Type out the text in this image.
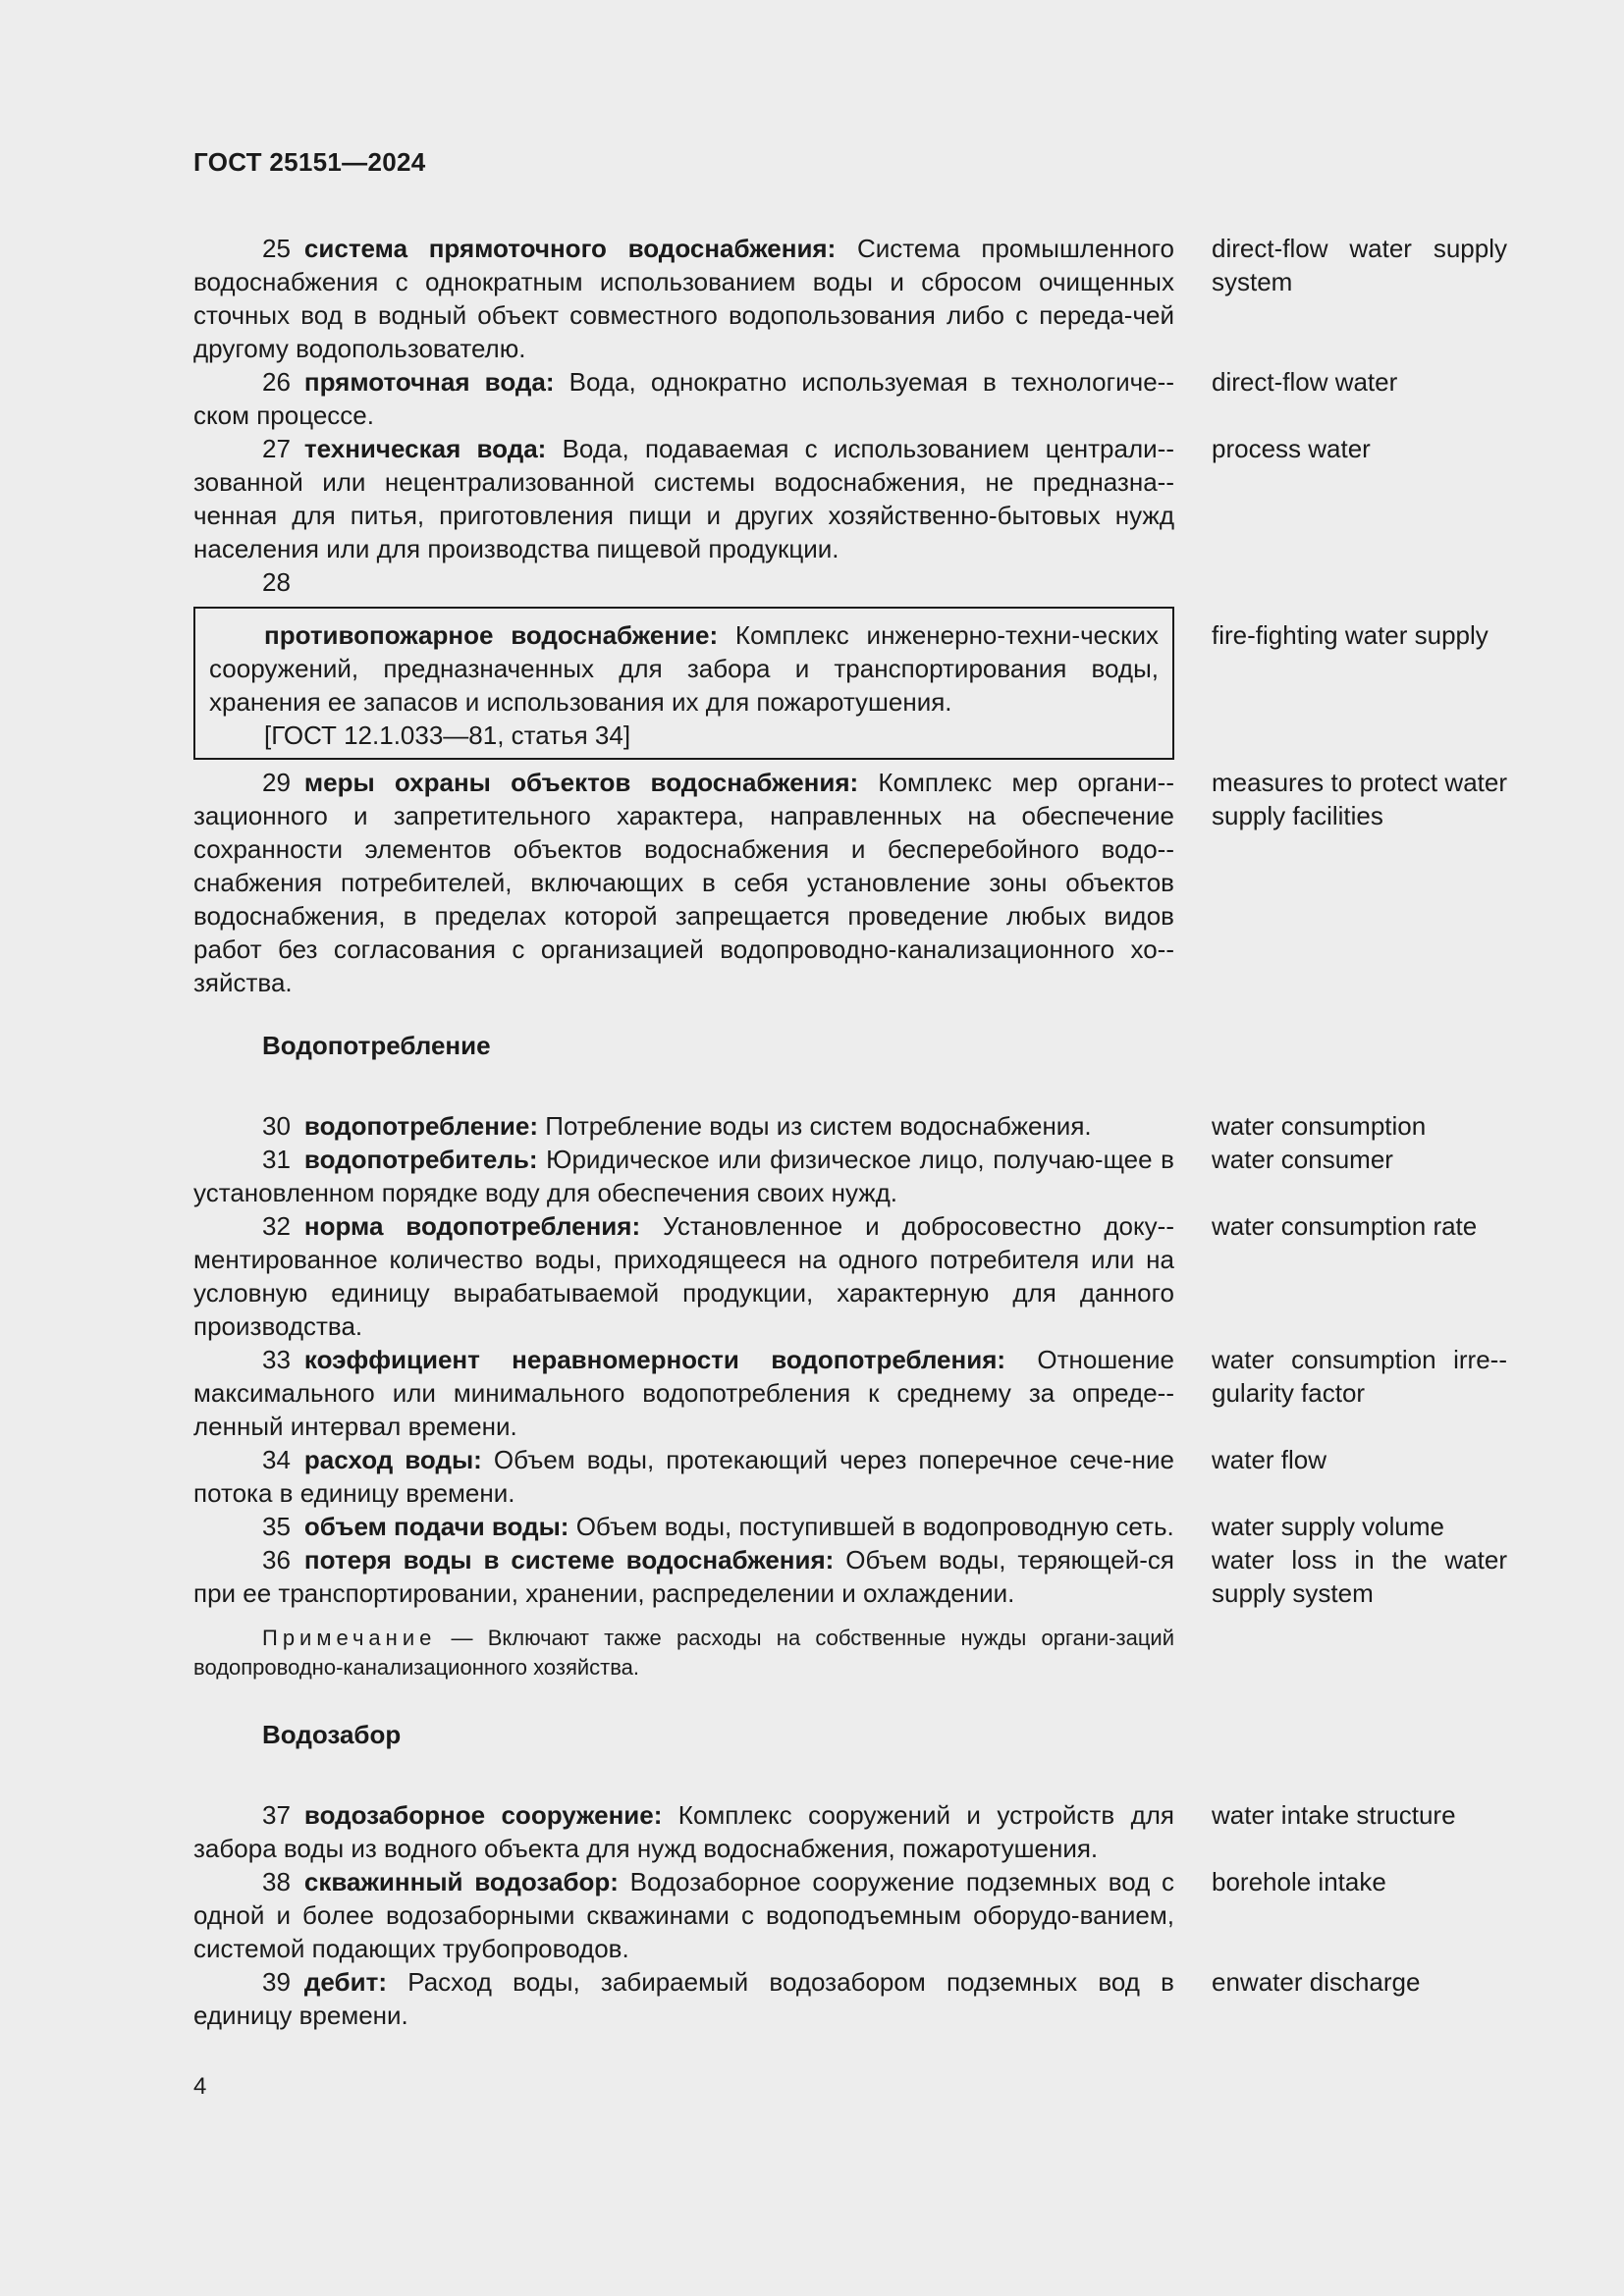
ГОСТ 25151—2024
25 система прямоточного водоснабжения: Система промышленного водоснабжения с однократным использованием воды и сбросом очищенных сточных вод в водный объект совместного водопользования либо с переда-чей другому водопользователю.
direct-flow water supply system
26 прямоточная вода: Вода, однократно используемая в технологиче-ском процессе.
direct-flow water
27 техническая вода: Вода, подаваемая с использованием централи-зованной или нецентрализованной системы водоснабжения, не предназна-ченная для питья, приготовления пищи и других хозяйственно-бытовых нужд населения или для производства пищевой продукции.
process water
28
противопожарное водоснабжение: Комплекс инженерно-техни-ческих сооружений, предназначенных для забора и транспортирования воды, хранения ее запасов и использования их для пожаротушения.
[ГОСТ 12.1.033—81, статья 34]
fire-fighting water supply
29 меры охраны объектов водоснабжения: Комплекс мер органи-зационного и запретительного характера, направленных на обеспечение сохранности элементов объектов водоснабжения и бесперебойного водо-снабжения потребителей, включающих в себя установление зоны объектов водоснабжения, в пределах которой запрещается проведение любых видов работ без согласования с организацией водопроводно-канализационного хо-зяйства.
measures to protect water supply facilities
Водопотребление
30 водопотребление: Потребление воды из систем водоснабжения.	water consumption
31 водопотребитель: Юридическое или физическое лицо, получаю-щее в установленном порядке воду для обеспечения своих нужд.
water consumer
32 норма водопотребления: Установленное и добросовестно доку-ментированное количество воды, приходящееся на одного потребителя или на условную единицу вырабатываемой продукции, характерную для данного производства.
water consumption rate
33 коэффициент неравномерности водопотребления: Отношение максимального или минимального водопотребления к среднему за опреде-ленный интервал времени.
water consumption irre-gularity factor
34 расход воды: Объем воды, протекающий через поперечное сече-ние потока в единицу времени.
water flow
35 объем подачи воды: Объем воды, поступившей в водопроводную сеть. water supply volume
36 потеря воды в системе водоснабжения: Объем воды, теряющей-ся при ее транспортировании, хранении, распределении и охлаждении.
water loss in the water supply system
Примечание — Включают также расходы на собственные нужды органи-заций водопроводно-канализационного хозяйства.
Водозабор
37 водозаборное сооружение: Комплекс сооружений и устройств для забора воды из водного объекта для нужд водоснабжения, пожаротушения.
water intake structure
38 скважинный водозабор: Водозаборное сооружение подземных вод с одной и более водозаборными скважинами с водоподъемным оборудо-ванием, системой подающих трубопроводов.
borehole intake
39 дебит: Расход воды, забираемый водозабором подземных вод в единицу времени.
enwater discharge
4
